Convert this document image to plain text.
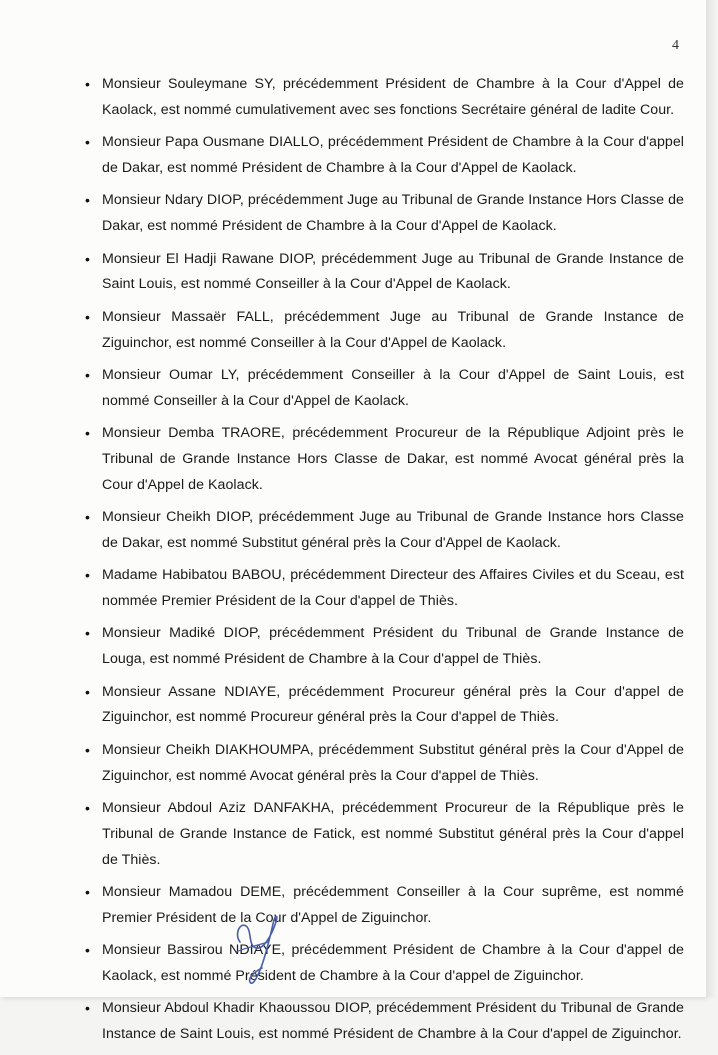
4
• Monsieur Souleymane SY, précédemment Président de Chambre à la Cour d'Appel de Kaolack, est nommé cumulativement avec ses fonctions Secrétaire général de ladite Cour.
• Monsieur Papa Ousmane DIALLO, précédemment Président de Chambre à la Cour d'appel de Dakar, est nommé Président de Chambre à la Cour d'Appel de Kaolack.
• Monsieur Ndary DIOP, précédemment Juge au Tribunal de Grande Instance Hors Classe de Dakar, est nommé Président de Chambre à la Cour d'Appel de Kaolack.
• Monsieur El Hadji Rawane DIOP, précédemment Juge au Tribunal de Grande Instance de Saint Louis, est nommé Conseiller à la Cour d'Appel de Kaolack.
• Monsieur Massaër FALL, précédemment Juge au Tribunal de Grande Instance de Ziguinchor, est nommé Conseiller à la Cour d'Appel de Kaolack.
• Monsieur Oumar LY, précédemment Conseiller à la Cour d'Appel de Saint Louis, est nommé Conseiller à la Cour d'Appel de Kaolack.
• Monsieur Demba TRAORE, précédemment Procureur de la République Adjoint près le Tribunal de Grande Instance Hors Classe de Dakar, est nommé Avocat général près la Cour d'Appel de Kaolack.
• Monsieur Cheikh DIOP, précédemment Juge au Tribunal de Grande Instance hors Classe de Dakar, est nommé Substitut général près la Cour d'Appel de Kaolack.
• Madame Habibatou BABOU, précédemment Directeur des Affaires Civiles et du Sceau, est nommée Premier Président de la Cour d'appel de Thiès.
• Monsieur Madiké DIOP, précédemment Président du Tribunal de Grande Instance de Louga, est nommé Président de Chambre à la Cour d'appel de Thiès.
• Monsieur Assane NDIAYE, précédemment Procureur général près la Cour d'appel de Ziguinchor, est nommé Procureur général près la Cour d'appel de Thiès.
• Monsieur Cheikh DIAKHOUMPA, précédemment Substitut général près la Cour d'Appel de Ziguinchor, est nommé Avocat général près la Cour d'appel de Thiès.
• Monsieur Abdoul Aziz DANFAKHA, précédemment Procureur de la République près le Tribunal de Grande Instance de Fatick, est nommé Substitut général près la Cour d'appel de Thiès.
• Monsieur Mamadou DEME, précédemment Conseiller à la Cour suprême, est nommé Premier Président de la Cour d'Appel de Ziguinchor.
• Monsieur Bassirou NDIAYE, précédemment Président de Chambre à la Cour d'appel de Kaolack, est nommé Président de Chambre à la Cour d'appel de Ziguinchor.
• Monsieur Abdoul Khadir Khaoussou DIOP, précédemment Président du Tribunal de Grande Instance de Saint Louis, est nommé Président de Chambre à la Cour d'appel de Ziguinchor.
